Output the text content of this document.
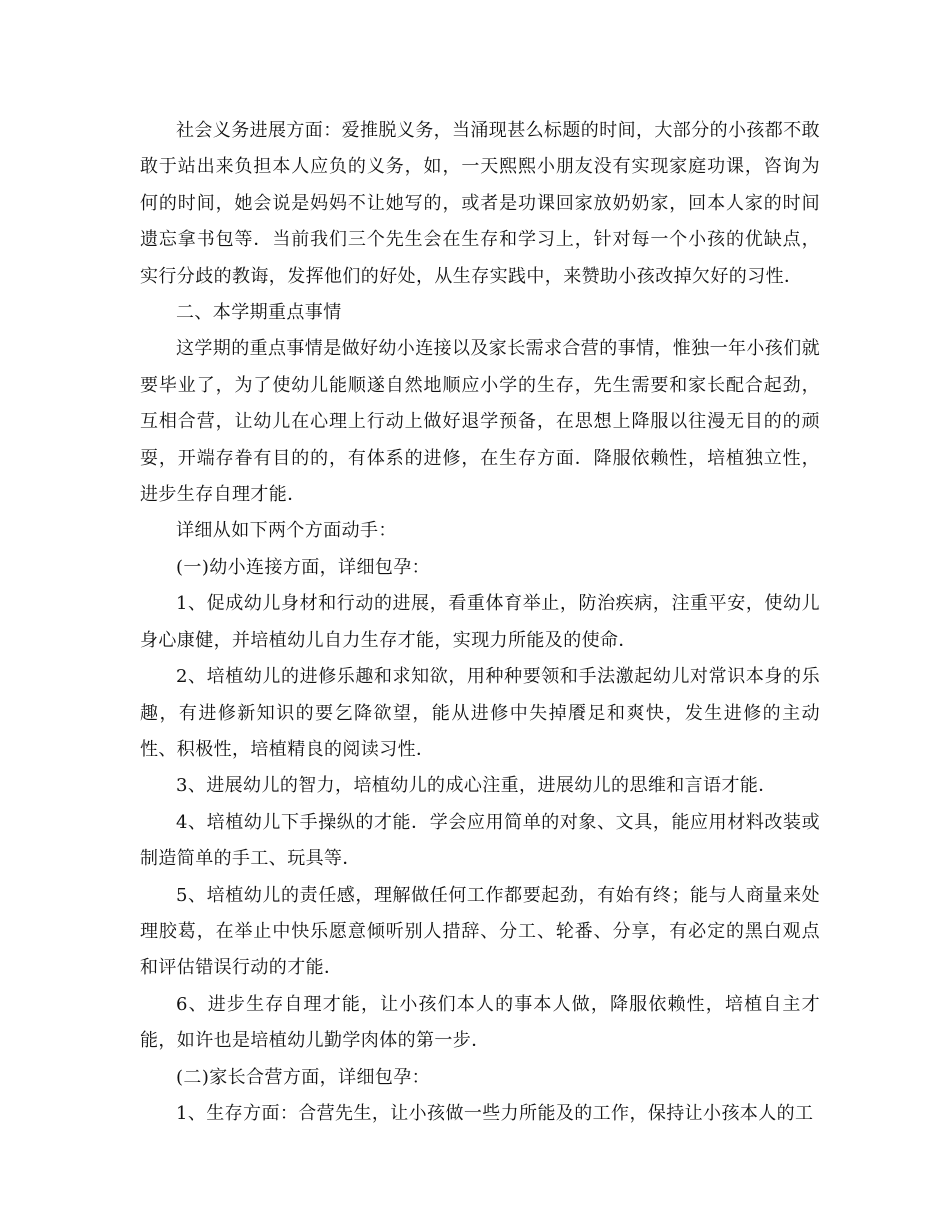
社会义务进展方面：爱推脱义务，当涌现甚么标题的时间，大部分的小孩都不敢敢于站出来负担本人应负的义务，如，一天熙熙小朋友没有实现家庭功课，咨询为何的时间，她会说是妈妈不让她写的，或者是功课回家放奶奶家，回本人家的时间遗忘拿书包等．当前我们三个先生会在生存和学习上，针对每一个小孩的优缺点，实行分歧的教诲，发挥他们的好处，从生存实践中，来赞助小孩改掉欠好的习性．

二、本学期重点事情

这学期的重点事情是做好幼小连接以及家长需求合营的事情，惟独一年小孩们就要毕业了，为了使幼儿能顺遂自然地顺应小学的生存，先生需要和家长配合起劲，互相合营，让幼儿在心理上行动上做好退学预备，在思想上降服以往漫无目的的顽耍，开端存眷有目的的，有体系的进修，在生存方面．降服依赖性，培植独立性，进步生存自理才能．

详细从如下两个方面动手：

(一)幼小连接方面，详细包孕：

1、促成幼儿身材和行动的进展，看重体育举止，防治疾病，注重平安，使幼儿身心康健，并培植幼儿自力生存才能，实现力所能及的使命．

2、培植幼儿的进修乐趣和求知欲，用种种要领和手法激起幼儿对常识本身的乐趣，有进修新知识的要乞降欲望，能从进修中失掉餍足和爽快，发生进修的主动性、积极性，培植精良的阅读习性．

3、进展幼儿的智力，培植幼儿的成心注重，进展幼儿的思维和言语才能．

4、培植幼儿下手操纵的才能．学会应用简单的对象、文具，能应用材料改装或制造简单的手工、玩具等．

5、培植幼儿的责任感，理解做任何工作都要起劲，有始有终；能与人商量来处理胶葛，在举止中快乐愿意倾听别人措辞、分工、轮番、分享，有必定的黑白观点和评估错误行动的才能．

6、进步生存自理才能，让小孩们本人的事本人做，降服依赖性，培植自主才能，如许也是培植幼儿勤学肉体的第一步．

(二)家长合营方面，详细包孕：

1、生存方面：合营先生，让小孩做一些力所能及的工作，保持让小孩本人的工
